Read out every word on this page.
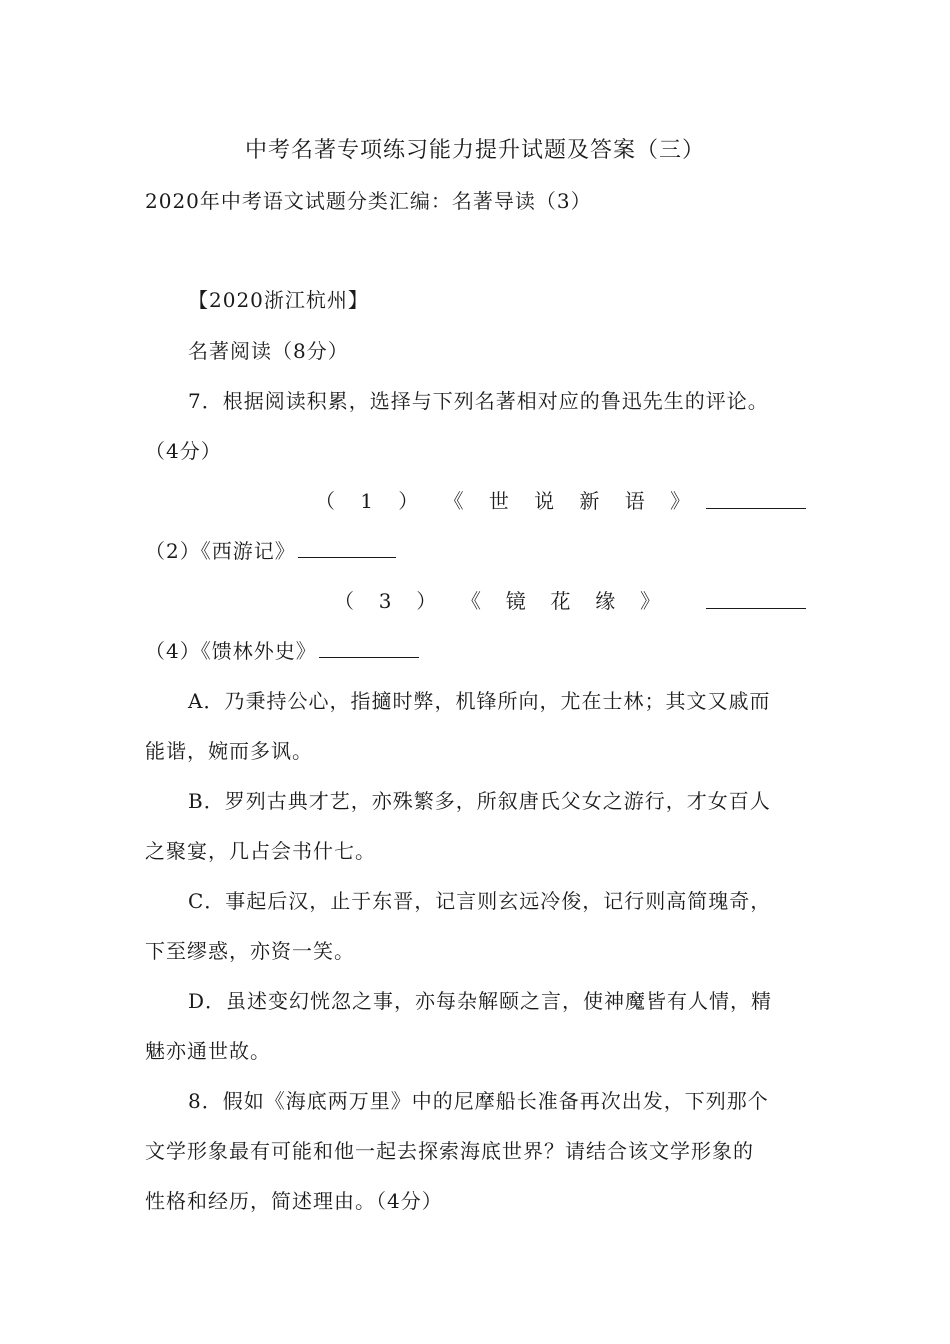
中考名著专项练习能力提升试题及答案（三）
2020年中考语文试题分类汇编：名著导读（3）
【2020浙江杭州】
名著阅读（8分）
7．根据阅读积累，选择与下列名著相对应的鲁迅先生的评论。
（4分）
（ 1 ） 《 世 说 新 语 》
（2）《西游记》
（ 3 ） 《 镜 花 缘 》
（4）《馈林外史》
A．乃秉持公心，指擿时弊，机锋所向，尤在士林；其文又戚而
能谐，婉而多讽。
B．罗列古典才艺，亦殊繁多，所叙唐氏父女之游行，才女百人
之聚宴，几占会书什七。
C．事起后汉，止于东晋，记言则玄远冷俊，记行则高简瑰奇，
下至缪惑，亦资一笑。
D．虽述变幻恍忽之事，亦每杂解颐之言，使神魔皆有人情，精
魅亦通世故。
8．假如《海底两万里》中的尼摩船长准备再次出发，下列那个
文学形象最有可能和他一起去探索海底世界？请结合该文学形象的
性格和经历，简述理由。（4分）
